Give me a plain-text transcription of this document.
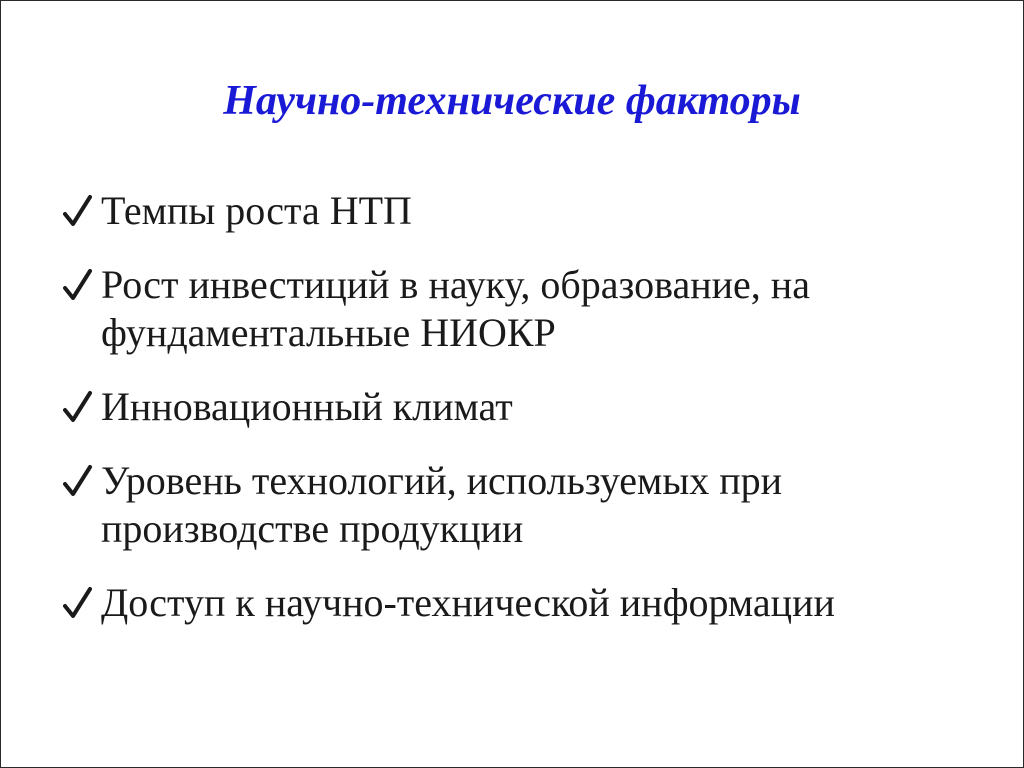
Научно-технические факторы
Темпы роста НТП
Рост инвестиций в науку, образование, на фундаментальные НИОКР
Инновационный климат
Уровень технологий, используемых при производстве продукции
Доступ к научно-технической информации
